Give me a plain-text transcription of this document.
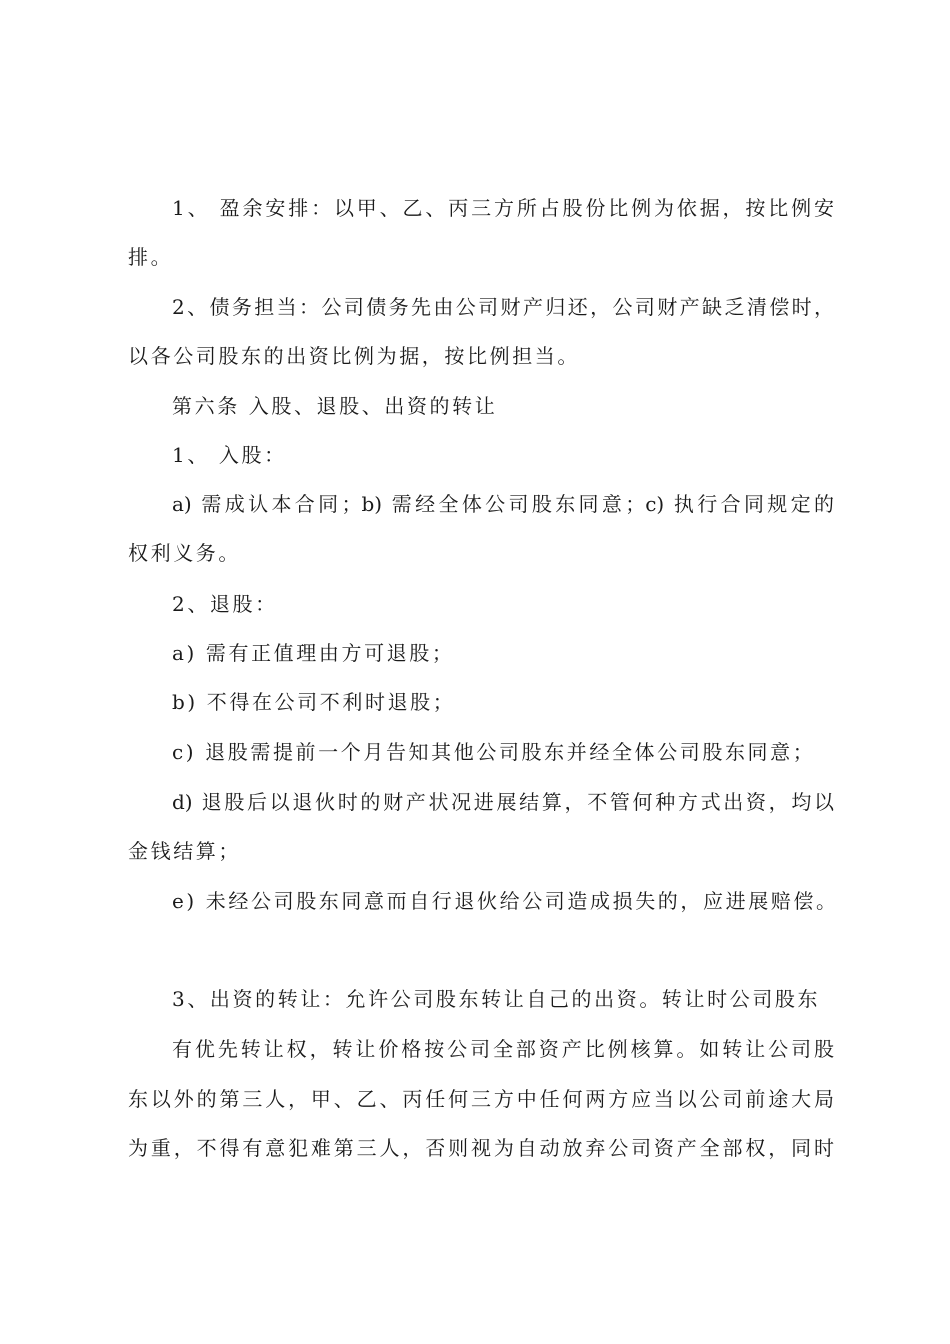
1、 盈余安排：以甲、乙、丙三方所占股份比例为依据，按比例安
排。
2、债务担当：公司债务先由公司财产归还，公司财产缺乏清偿时，
以各公司股东的出资比例为据，按比例担当。
第六条 入股、退股、出资的转让
1、 入股：
a) 需成认本合同；b) 需经全体公司股东同意；c) 执行合同规定的
权利义务。
2、退股：
a) 需有正值理由方可退股；
b) 不得在公司不利时退股；
c) 退股需提前一个月告知其他公司股东并经全体公司股东同意；
d) 退股后以退伙时的财产状况进展结算，不管何种方式出资，均以
金钱结算；
e) 未经公司股东同意而自行退伙给公司造成损失的，应进展赔偿。
3、出资的转让：允许公司股东转让自己的出资。转让时公司股东
有优先转让权，转让价格按公司全部资产比例核算。如转让公司股
东以外的第三人，甲、乙、丙任何三方中任何两方应当以公司前途大局
为重，不得有意犯难第三人，否则视为自动放弃公司资产全部权，同时
